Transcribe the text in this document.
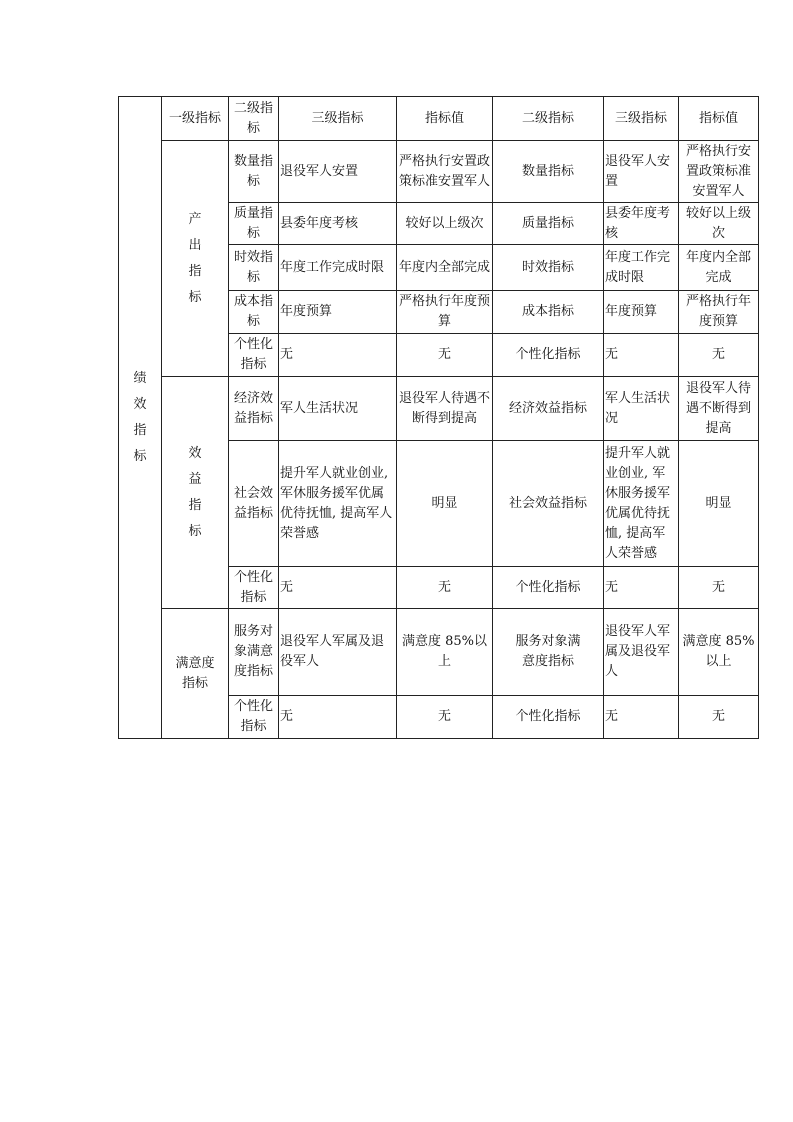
绩效指标	一级指标	二级指标	三级指标	指标值	二级指标	三级指标	指标值
	产出指标	数量指标	退役军人安置	严格执行安置政策标准安置军人	数量指标	退役军人安置	严格执行安置政策标准安置军人
		质量指标	县委年度考核	较好以上级次	质量指标	县委年度考核	较好以上级次
		时效指标	年度工作完成时限	年度内全部完成	时效指标	年度工作完成时限	年度内全部完成
		成本指标	年度预算	严格执行年度预算	成本指标	年度预算	严格执行年度预算
		个性化指标	无	无	个性化指标	无	无
	效益指标	经济效益指标	军人生活状况	退役军人待遇不断得到提高	经济效益指标	军人生活状况	退役军人待遇不断得到提高
		社会效益指标	提升军人就业创业, 军休服务援军优属优待抚恤, 提高军人荣誉感	明显	社会效益指标	提升军人就业创业, 军休服务援军优属优待抚恤, 提高军人荣誉感	明显
		个性化指标	无	无	个性化指标	无	无
	满意度指标	服务对象满意度指标	退役军人军属及退役军人	满意度 85%以上	服务对象满意度指标	退役军人军属及退役军人	满意度 85%以上
		个性化指标	无	无	个性化指标	无	无
